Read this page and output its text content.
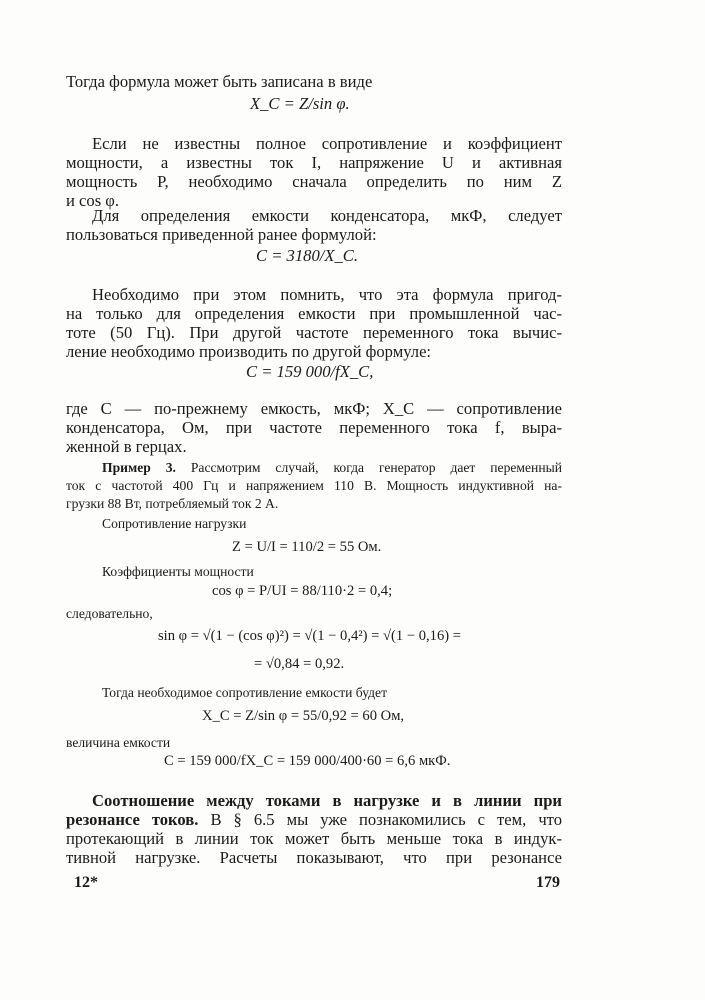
Тогда формула может быть записана в виде
X_C = Z/sin φ.
Если не известны полное сопротивление и коэффициент
мощности, а известны ток I, напряжение U и активная
мощность P, необходимо сначала определить по ним Z
и cos φ.
Для определения емкости конденсатора, мкФ, следует
пользоваться приведенной ранее формулой:
C = 3180/X_C.
Необходимо при этом помнить, что эта формула пригод-
на только для определения емкости при промышленной час-
тоте (50 Гц). При другой частоте переменного тока вычис-
ление необходимо производить по другой формуле:
C = 159 000/fX_C,
где C — по-прежнему емкость, мкФ; X_C — сопротивление
конденсатора, Ом, при частоте переменного тока f, выра-
женной в герцах.
Пример 3. Рассмотрим случай, когда генератор дает переменный
ток с частотой 400 Гц и напряжением 110 В. Мощность индуктивной на-
грузки 88 Вт, потребляемый ток 2 А.
Сопротивление нагрузки
Z = U/I = 110/2 = 55 Ом.
Коэффициенты мощности
cos φ = P/UI = 88/110·2 = 0,4;
следовательно,
sin φ = √(1 − (cos φ)²) = √(1 − 0,4²) = √(1 − 0,16) =
= √0,84 = 0,92.
Тогда необходимое сопротивление емкости будет
X_C = Z/sin φ = 55/0,92 = 60 Ом,
величина емкости
C = 159 000/fX_C = 159 000/400·60 = 6,6 мкФ.
Соотношение между токами в нагрузке и в линии при
резонансе токов. В § 6.5 мы уже познакомились с тем, что
протекающий в линии ток может быть меньше тока в индук-
тивной нагрузке. Расчеты показывают, что при резонансе
12*	179
